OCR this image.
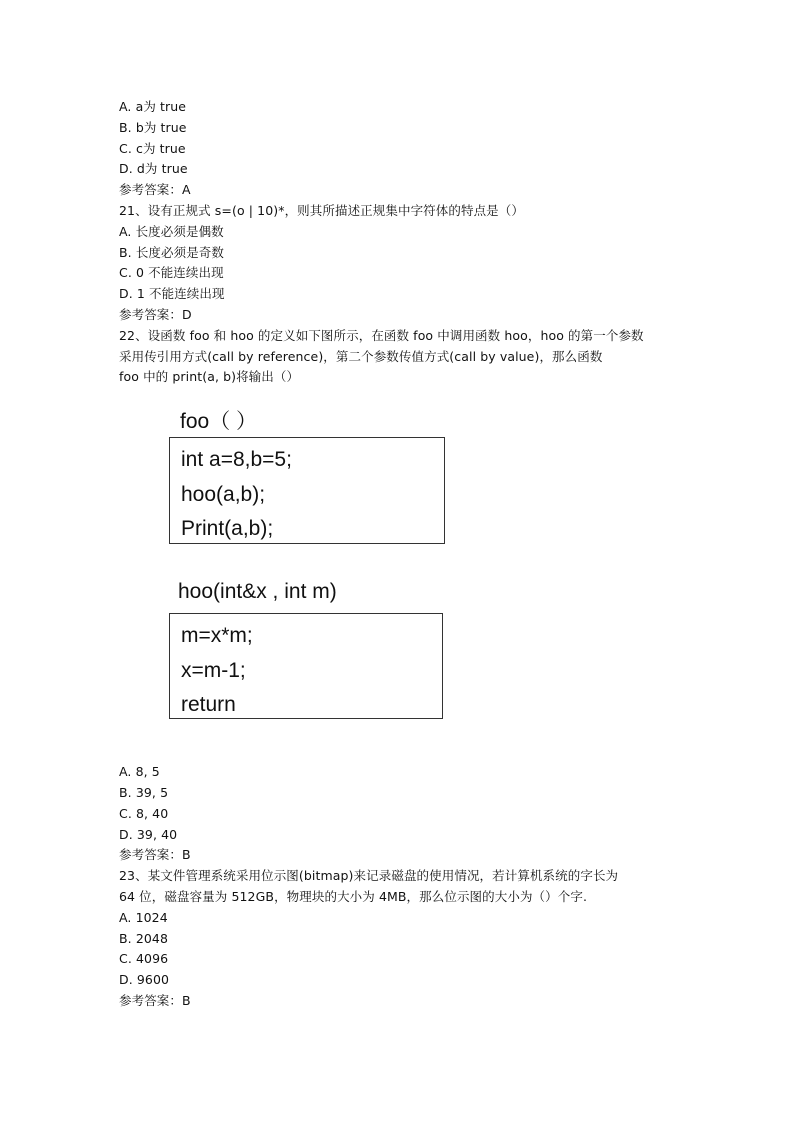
A. a为 true
B. b为 true
C. c为 true
D. d为 true
参考答案：A
21、设有正规式 s=(o | 10)*，则其所描述正规集中字符体的特点是（）
A. 长度必须是偶数
B. 长度必须是奇数
C. 0 不能连续出现
D. 1 不能连续出现
参考答案：D
22、设函数 foo 和 hoo 的定义如下图所示，在函数 foo 中调用函数 hoo，hoo 的第一个参数
采用传引用方式(call by reference)，第二个参数传值方式(call by value)，那么函数
foo 中的 print(a, b)将输出（）
foo（ ）
int a=8,b=5;
hoo(a,b);
Print(a,b);
hoo(int&x , int m)
m=x*m;
x=m-1;
return
A. 8, 5
B. 39, 5
C. 8, 40
D. 39, 40
参考答案：B
23、某文件管理系统采用位示图(bitmap)来记录磁盘的使用情况，若计算机系统的字长为
64 位，磁盘容量为 512GB，物理块的大小为 4MB，那么位示图的大小为（）个字.
A. 1024
B. 2048
C. 4096
D. 9600
参考答案：B
